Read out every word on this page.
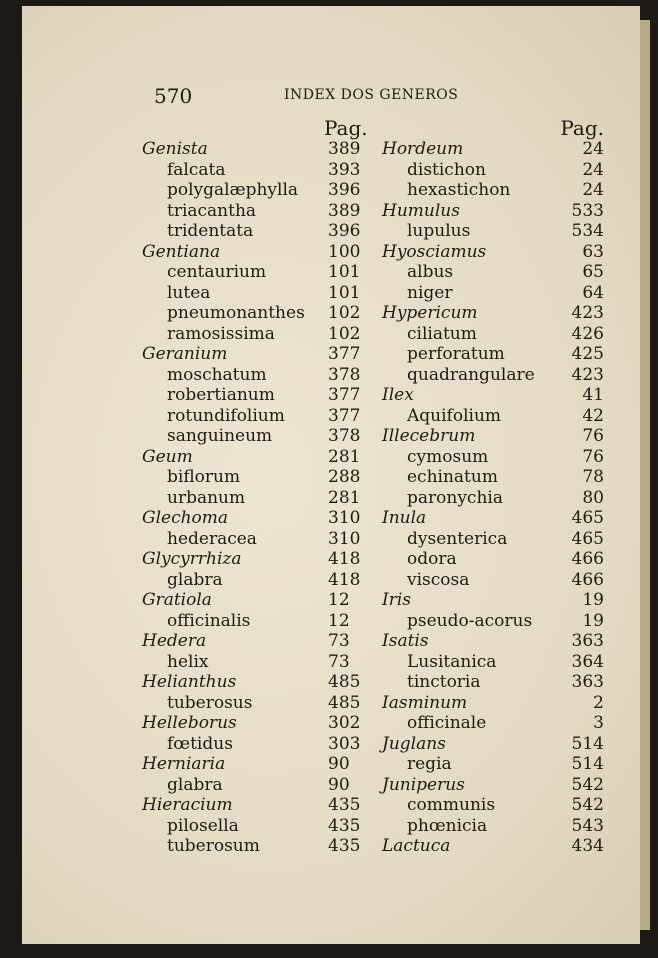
570	INDEX DOS GENEROS
Pag.
Genista	389
falcata	393
polygalæphylla 396
triacantha	389
tridentata	396
Gentiana	100
centaurium	101
lutea	101
pneumonanthes 102
ramosissima	102
Geranium	377
moschatum	378
robertianum	377
rotundifolium	377
sanguineum	378
Geum	281
biflorum	288
urbanum	281
Glechoma	310
hederacea	310
Glycyrrhiza	418
glabra	418
Gratiola	12
officinalis	12
Hedera	73
helix	73
Helianthus	485
tuberosus	485
Helleborus	302
fœtidus	303
Herniaria	90
glabra	90
Hieracium	435
pilosella	435
tuberosum	435
Pag.
Hordeum	24
distichon	24
hexastichon	24
Humulus	533
lupulus	534
Hyosciamus	63
albus	65
niger	64
Hypericum	423
ciliatum	426
perforatum	425
quadrangulare 423
Ilex	41
Aquifolium	42
Illecebrum	76
cymosum	76
echinatum	78
paronychia	80
Inula	465
dysenterica	465
odora	466
viscosa	466
Iris	19
pseudo-acorus	19
Isatis	363
Lusitanica	364
tinctoria	363
Iasminum	2
officinale	3
Juglans	514
regia	514
Juniperus	542
communis	542
phœnicia	543
Lactuca	434
